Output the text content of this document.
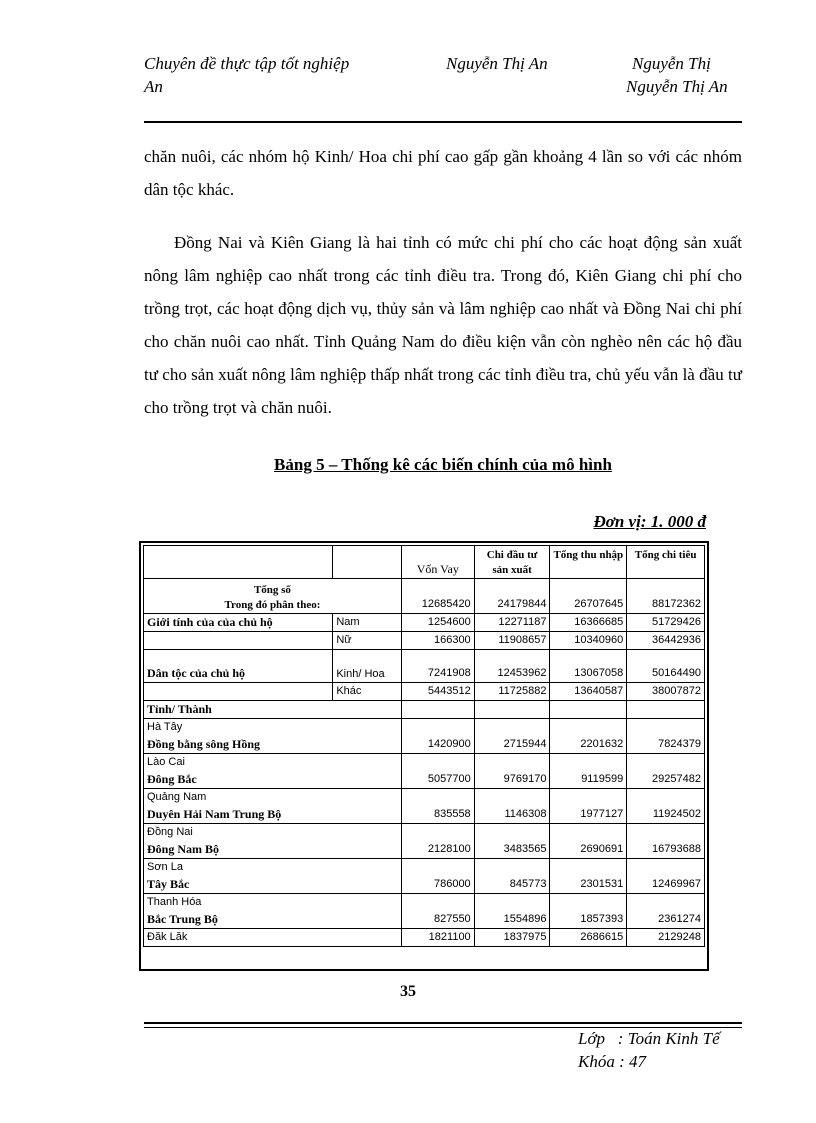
Chuyên đề thực tập tốt nghiệp	Nguyễn Thị An	Nguyễn Thị
An	Nguyễn Thị An

chăn nuôi, các nhóm hộ Kinh/ Hoa chi phí cao gấp gần khoảng 4 lần so với các nhóm dân tộc khác.

Đồng Nai và Kiên Giang là hai tỉnh có mức chi phí cho các hoạt động sản xuất nông lâm nghiệp cao nhất trong các tỉnh điều tra. Trong đó, Kiên Giang chi phí cho trồng trọt, các hoạt động dịch vụ, thủy sản và lâm nghiệp cao nhất và Đồng Nai chi phí cho chăn nuôi cao nhất. Tỉnh Quảng Nam do điều kiện vẫn còn nghèo nên các hộ đầu tư cho sản xuất nông lâm nghiệp thấp nhất trong các tỉnh điều tra, chủ yếu vẫn là đầu tư cho trồng trọt và chăn nuôi.

Bảng 5 – Thống kê các biến chính của mô hình
Đơn vị: 1. 000 đ
		Vốn Vay	Chi đầu tư sản xuất	Tổng thu nhập	Tổng chi tiêu

Tổng số
Trong đó phân theo:		12685420	24179844	26707645	88172362
Giới tính của của chủ hộ	Nam	1254600	12271187	16366685	51729426
	Nữ	166300	11908657	10340960	36442936
Dân tộc của chủ hộ	Kinh/ Hoa	7241908	12453962	13067058	50164490
	Khác	5443512	11725882	13640587	38007872
Tỉnh/ Thành					
Hà Tây					
Đồng bằng sông Hồng		1420900	2715944	2201632	7824379
Lào Cai					
Đông Bắc		5057700	9769170	9119599	29257482
Quảng Nam					
Duyên Hải Nam Trung Bộ		835558	1146308	1977127	11924502
Đồng Nai					
Đông Nam Bộ		2128100	3483565	2690691	16793688
Sơn La					
Tây Bắc		786000	845773	2301531	12469967
Thanh Hóa					
Bắc Trung Bộ		827550	1554896	1857393	2361274
Đăk Lăk		1821100	1837975	2686615	2129248
35
Lớp   : Toán Kinh Tế
Khóa : 47
